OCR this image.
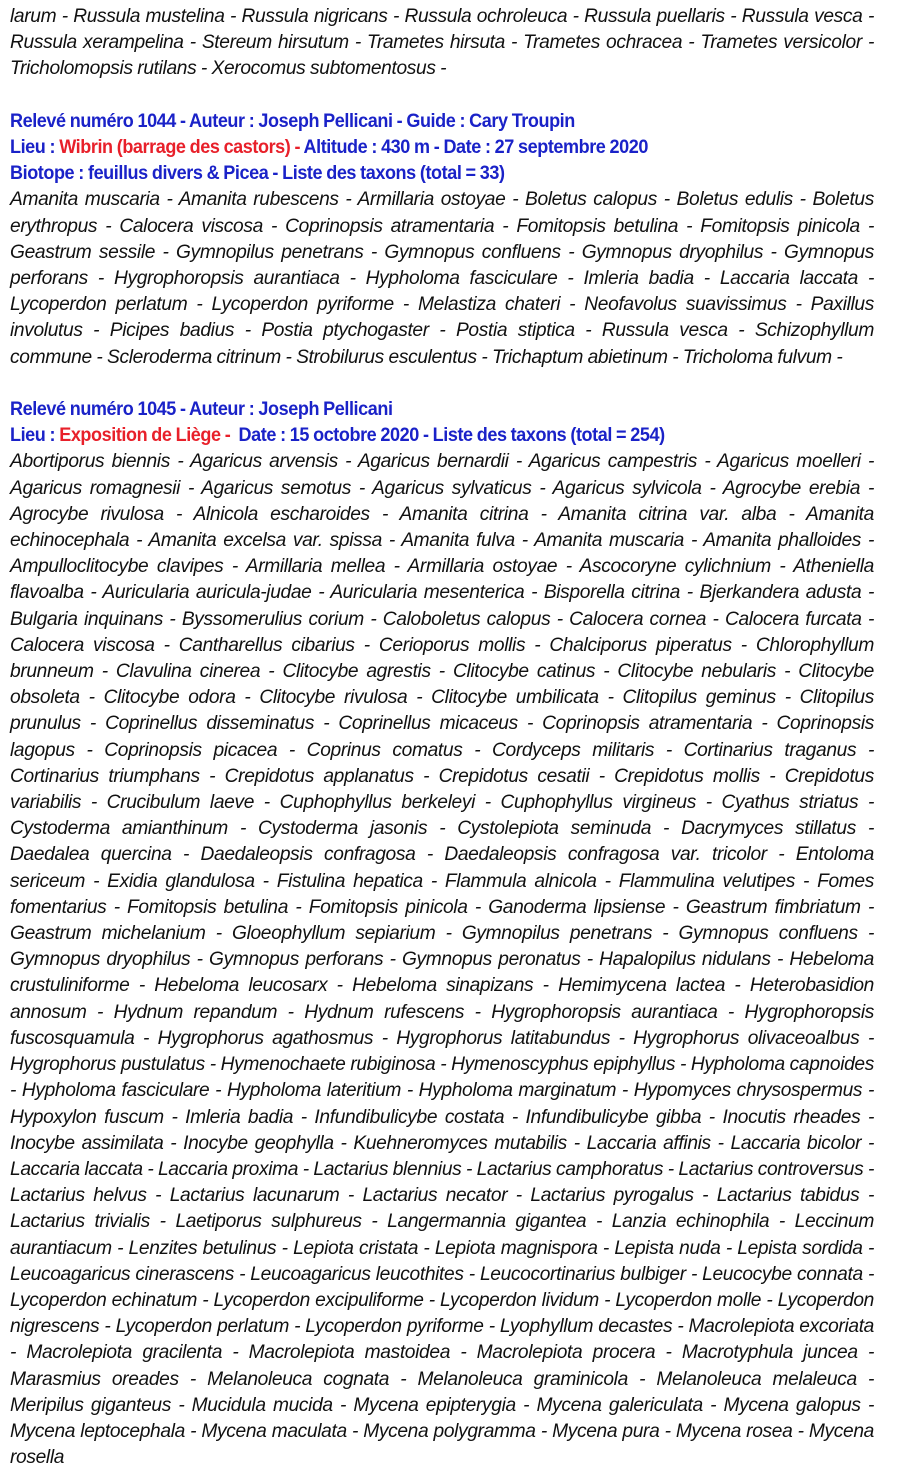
larum - Russula mustelina - Russula nigricans - Russula ochroleuca - Russula puellaris - Russula vesca - Russula xerampelina - Stereum hirsutum - Trametes hirsuta - Trametes ochracea - Trametes versicolor - Tricholomopsis rutilans - Xerocomus subtomentosus -

Relevé numéro 1044 - Auteur : Joseph Pellicani - Guide : Cary Troupin

Lieu : Wibrin (barrage des castors) - Altitude : 430 m - Date : 27 septembre 2020

Biotope : feuillus divers & Picea - Liste des taxons (total = 33)

Amanita muscaria - Amanita rubescens - Armillaria ostoyae - Boletus calopus - Boletus edulis - Boletus erythropus - Calocera viscosa - Coprinopsis atramentaria - Fomitopsis betulina - Fomitopsis pinicola - Geastrum sessile - Gymnopilus penetrans - Gymnopus confluens - Gymnopus dryophilus - Gymnopus perforans - Hygrophoropsis aurantiaca - Hypholoma fasciculare - Imleria badia - Laccaria laccata - Lycoperdon perlatum - Lycoperdon pyriforme - Melastiza chateri - Neofavolus suavissimus - Paxillus involutus - Picipes badius - Postia ptychogaster - Postia stiptica - Russula vesca - Schizophyllum commune - Scleroderma citrinum - Strobilurus esculentus - Trichaptum abietinum - Tricholoma fulvum -

Relevé numéro 1045 - Auteur : Joseph Pellicani

Lieu : Exposition de Liège -  Date : 15 octobre 2020 - Liste des taxons (total = 254)

Abortiporus biennis - Agaricus arvensis - Agaricus bernardii - Agaricus campestris - Agaricus moelleri - Agaricus romagnesii - Agaricus semotus - Agaricus sylvaticus - Agaricus sylvicola - Agrocybe erebia - Agrocybe rivulosa - Alnicola escharoides - Amanita citrina - Amanita citrina var. alba - Amanita echinocephala - Amanita excelsa var. spissa - Amanita fulva - Amanita muscaria - Amanita phalloides - Ampulloclitocybe clavipes - Armillaria mellea - Armillaria ostoyae - Ascocoryne cylichnium - Atheniella flavoalba - Auricularia auricula-judae - Auricularia mesenterica - Bisporella citrina - Bjerkandera adusta - Bulgaria inquinans - Byssomerulius corium - Caloboletus calopus - Calocera cornea - Calocera furcata - Calocera viscosa - Cantharellus cibarius - Cerioporus mollis - Chalciporus piperatus - Chlorophyllum brunneum - Clavulina cinerea - Clitocybe agrestis - Clitocybe catinus - Clitocybe nebularis - Clitocybe obsoleta - Clitocybe odora - Clitocybe rivulosa - Clitocybe umbilicata - Clitopilus geminus - Clitopilus prunulus - Coprinellus disseminatus - Coprinellus micaceus - Coprinopsis atramentaria - Coprinopsis lagopus - Coprinopsis picacea - Coprinus comatus - Cordyceps militaris - Cortinarius traganus - Cortinarius triumphans - Crepidotus applanatus - Crepidotus cesatii - Crepidotus mollis - Crepidotus variabilis - Crucibulum laeve - Cuphophyllus berkeleyi - Cuphophyllus virgineus - Cyathus striatus - Cystoderma amianthinum - Cystoderma jasonis - Cystolepiota seminuda - Dacrymyces stillatus - Daedalea quercina - Daedaleopsis confragosa - Daedaleopsis confragosa var. tricolor - Entoloma sericeum - Exidia glandulosa - Fistulina hepatica - Flammula alnicola - Flammulina velutipes - Fomes fomentarius - Fomitopsis betulina - Fomitopsis pinicola - Ganoderma lipsiense - Geastrum fimbriatum - Geastrum michelanium - Gloeophyllum sepiarium - Gymnopilus penetrans - Gymnopus confluens - Gymnopus dryophilus - Gymnopus perforans - Gymnopus peronatus - Hapalopilus nidulans - Hebeloma crustuliniforme - Hebeloma leucosarx - Hebeloma sinapizans - Hemimycena lactea - Heterobasidion annosum - Hydnum repandum - Hydnum rufescens - Hygrophoropsis aurantiaca - Hygrophoropsis fuscosquamula - Hygrophorus agathosmus - Hygrophorus latitabundus - Hygrophorus olivaceoalbus - Hygrophorus pustulatus - Hymenochaete rubiginosa - Hymenoscyphus epiphyllus - Hypholoma capnoides - Hypholoma fasciculare - Hypholoma lateritium - Hypholoma marginatum - Hypomyces chrysospermus - Hypoxylon fuscum - Imleria badia - Infundibulicybe costata - Infundibulicybe gibba - Inocutis rheades - Inocybe assimilata - Inocybe geophylla - Kuehneromyces mutabilis - Laccaria affinis - Laccaria bicolor - Laccaria laccata - Laccaria proxima - Lactarius blennius - Lactarius camphoratus - Lactarius controversus - Lactarius helvus - Lactarius lacunarum - Lactarius necator - Lactarius pyrogalus - Lactarius tabidus - Lactarius trivialis - Laetiporus sulphureus - Langermannia gigantea - Lanzia echinophila - Leccinum aurantiacum - Lenzites betulinus - Lepiota cristata - Lepiota magnispora - Lepista nuda - Lepista sordida - Leucoagaricus cinerascens - Leucoagaricus leucothites - Leucocortinarius bulbiger - Leucocybe connata - Lycoperdon echinatum - Lycoperdon excipuliforme - Lycoperdon lividum - Lycoperdon molle - Lycoperdon nigrescens - Lycoperdon perlatum - Lycoperdon pyriforme - Lyophyllum decastes - Macrolepiota excoriata - Macrolepiota gracilenta - Macrolepiota mastoidea - Macrolepiota procera - Macrotyphula juncea - Marasmius oreades - Melanoleuca cognata - Melanoleuca graminicola - Melanoleuca melaleuca - Meripilus giganteus - Mucidula mucida - Mycena epipterygia - Mycena galericulata - Mycena galopus - Mycena leptocephala - Mycena maculata - Mycena polygramma - Mycena pura - Mycena rosea - Mycena rosella
